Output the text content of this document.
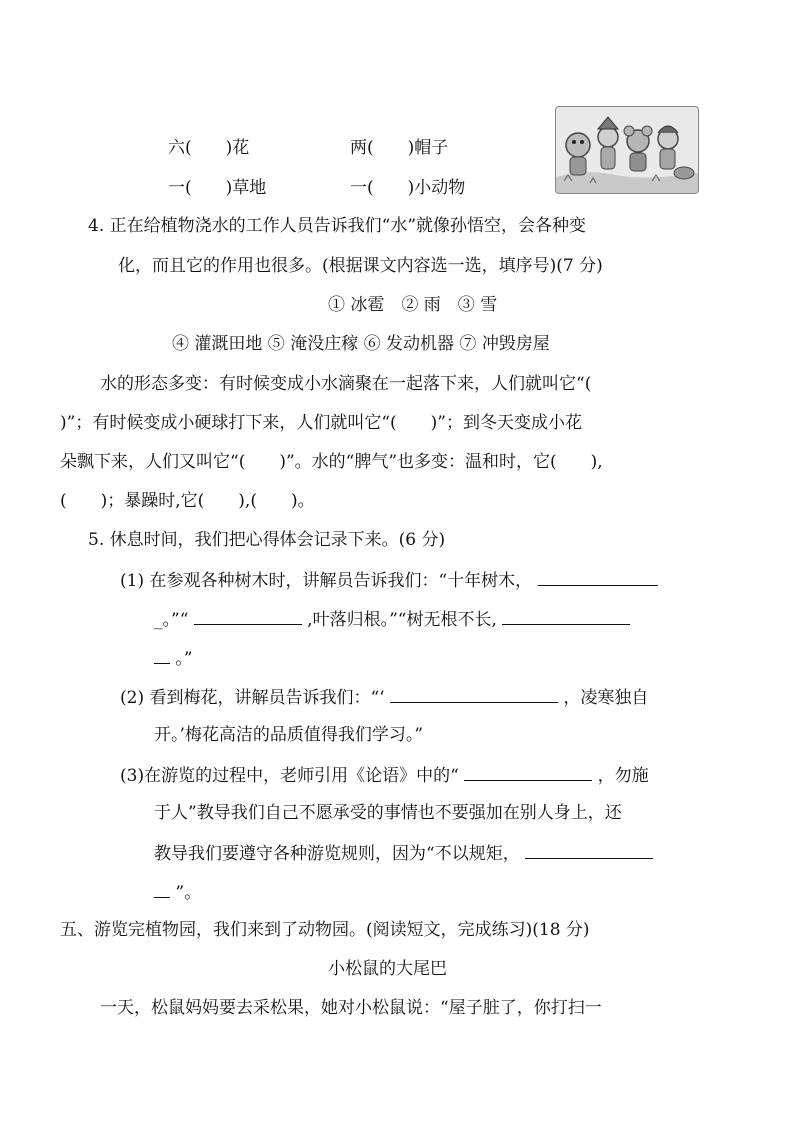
六(　　)花	两(　　)帽子
一(　　)草地	一(　　)小动物
4. 正在给植物浇水的工作人员告诉我们“水”就像孙悟空，会各种变
化，而且它的作用也很多。(根据课文内容选一选，填序号)(7 分)
① 冰雹　② 雨　③ 雪
④ 灌溉田地 ⑤ 淹没庄稼 ⑥ 发动机器 ⑦ 冲毁房屋
水的形态多变：有时候变成小水滴聚在一起落下来，人们就叫它“(
)”；有时候变成小硬球打下来，人们就叫它“(　　)”；到冬天变成小花
朵飘下来，人们又叫它“(　　)”。水的“脾气”也多变：温和时，它(　　),
(　　)；暴躁时,它(　　),(　　)。
5. 休息时间，我们把心得体会记录下来。(6 分)
(1) 在参观各种树木时，讲解员告诉我们：“十年树木，
_。”“	,叶落归根。”“树无根不长,
。”
(2) 看到梅花，讲解员告诉我们：“‘	，凌寒独自
开。’梅花高洁的品质值得我们学习。”
(3)在游览的过程中，老师引用《论语》中的“	，勿施
于人”教导我们自己不愿承受的事情也不要强加在别人身上，还
教导我们要遵守各种游览规则，因为“不以规矩，
”。
五、游览完植物园，我们来到了动物园。(阅读短文，完成练习)(18 分)
小松鼠的大尾巴
一天，松鼠妈妈要去采松果，她对小松鼠说：“屋子脏了，你打扫一
